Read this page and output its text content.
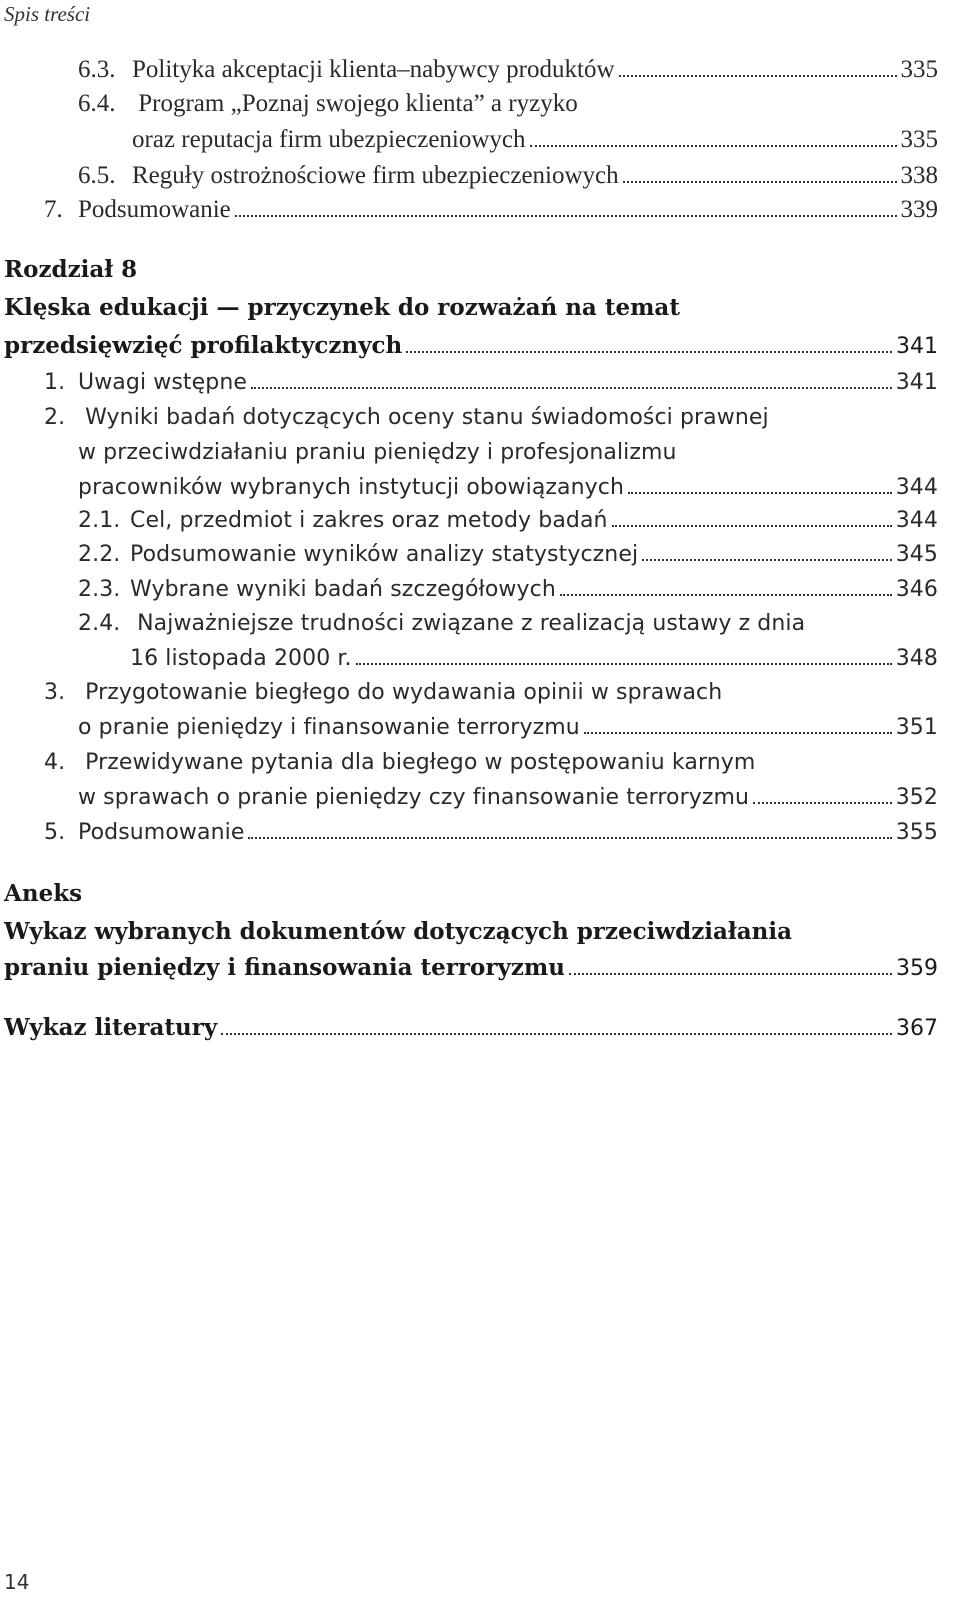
Spis treści
6.3. Polityka akceptacji klienta–nabywcy produktów	335
6.4. Program „Poznaj swojego klienta” a ryzyko
oraz reputacja firm ubezpieczeniowych	335
6.5. Reguły ostrożnościowe firm ubezpieczeniowych	338
7. Podsumowanie	339
Rozdział 8
Klęska edukacji — przyczynek do rozważań na temat
przedsięwzięć profilaktycznych	341
1. Uwagi wstępne	341
2. Wyniki badań dotyczących oceny stanu świadomości prawnej
w przeciwdziałaniu praniu pieniędzy i profesjonalizmu
pracowników wybranych instytucji obowiązanych	344
2.1. Cel, przedmiot i zakres oraz metody badań	344
2.2. Podsumowanie wyników analizy statystycznej	345
2.3. Wybrane wyniki badań szczegółowych	346
2.4. Najważniejsze trudności związane z realizacją ustawy z dnia
16 listopada 2000 r.	348
3. Przygotowanie biegłego do wydawania opinii w sprawach
o pranie pieniędzy i finansowanie terroryzmu	351
4. Przewidywane pytania dla biegłego w postępowaniu karnym
w sprawach o pranie pieniędzy czy finansowanie terroryzmu	352
5. Podsumowanie	355
Aneks
Wykaz wybranych dokumentów dotyczących przeciwdziałania
praniu pieniędzy i finansowania terroryzmu	359
Wykaz literatury	367
14
